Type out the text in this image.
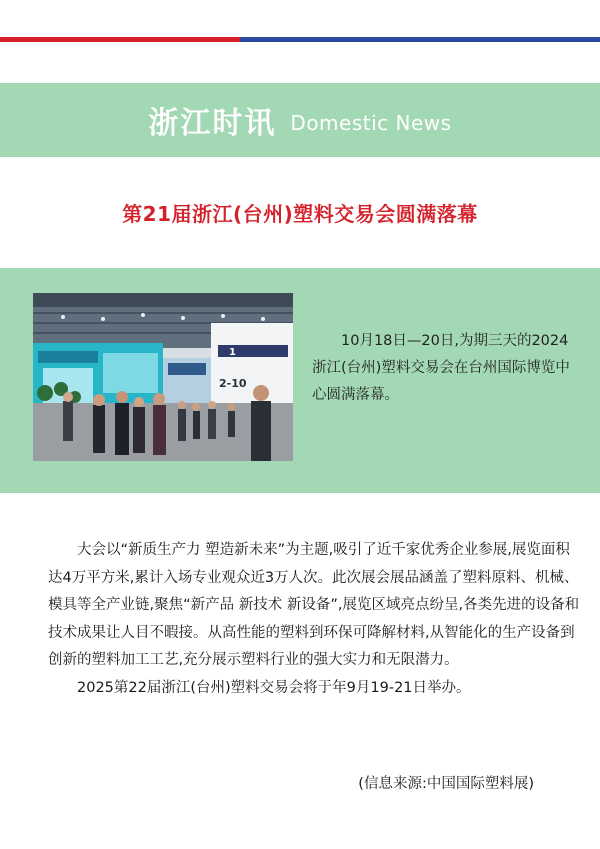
浙江时讯 Domestic News
第21届浙江(台州)塑料交易会圆满落幕
1
2-10
10月18日—20日,为期三天的2024浙江(台州)塑料交易会在台州国际博览中心圆满落幕。

大会以“新质生产力 塑造新未来”为主题,吸引了近千家优秀企业参展,展览面积达4万平方米,累计入场专业观众近3万人次。此次展会展品涵盖了塑料原料、机械、模具等全产业链,聚焦“新产品 新技术 新设备”,展览区域亮点纷呈,各类先进的设备和技术成果让人目不暇接。从高性能的塑料到环保可降解材料,从智能化的生产设备到创新的塑料加工工艺,充分展示塑料行业的强大实力和无限潜力。

2025第22届浙江(台州)塑料交易会将于年9月19-21日举办。

(信息来源:中国国际塑料展)
